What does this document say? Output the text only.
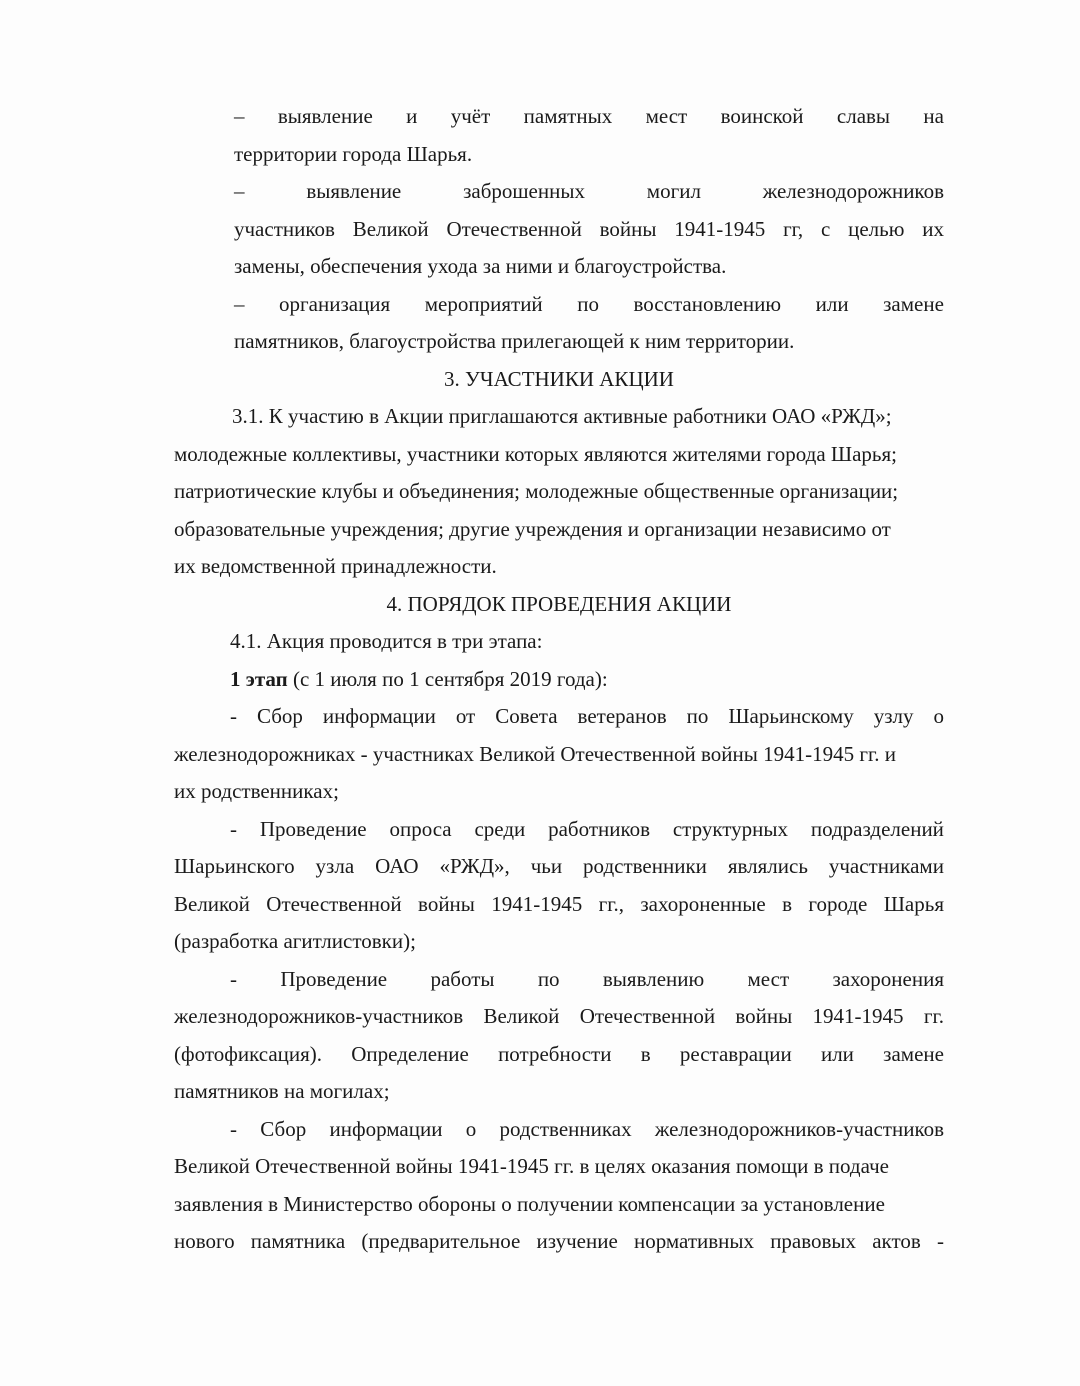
– выявление и учёт памятных мест воинской славы на
территории города Шарья.
–	выявление	заброшенных	могил	железнодорожников
участников Великой Отечественной войны 1941-1945 гг, с целью их
замены, обеспечения ухода за ними и благоустройства.
– организация мероприятий по восстановлению или замене
памятников, благоустройства прилегающей к ним территории.
3. УЧАСТНИКИ АКЦИИ
3.1. К участию в Акции приглашаются активные работники ОАО «РЖД»;
молодежные коллективы, участники которых являются жителями города Шарья;
патриотические клубы и объединения; молодежные общественные организации;
образовательные учреждения; другие учреждения и организации независимо от
их ведомственной принадлежности.
4. ПОРЯДОК ПРОВЕДЕНИЯ АКЦИИ
4.1. Акция проводится в три этапа:
1 этап (с 1 июля по 1 сентября 2019 года):
- Сбор информации от Совета ветеранов по Шарьинскому узлу о
железнодорожниках - участниках Великой Отечественной войны 1941-1945 гг. и
их родственниках;
- Проведение опроса среди работников структурных подразделений
Шарьинского узла ОАО «РЖД», чьи родственники являлись участниками
Великой Отечественной войны 1941-1945 гг., захороненные в городе Шарья
(разработка агитлистовки);
- Проведение работы по выявлению мест захоронения
железнодорожников-участников Великой Отечественной войны 1941-1945 гг.
(фотофиксация). Определение потребности в реставрации или замене
памятников на могилах;
- Сбор информации о родственниках железнодорожников-участников
Великой Отечественной войны 1941-1945 гг. в целях оказания помощи в подаче
заявления в Министерство обороны о получении компенсации за установление
нового памятника (предварительное изучение нормативных правовых актов -
